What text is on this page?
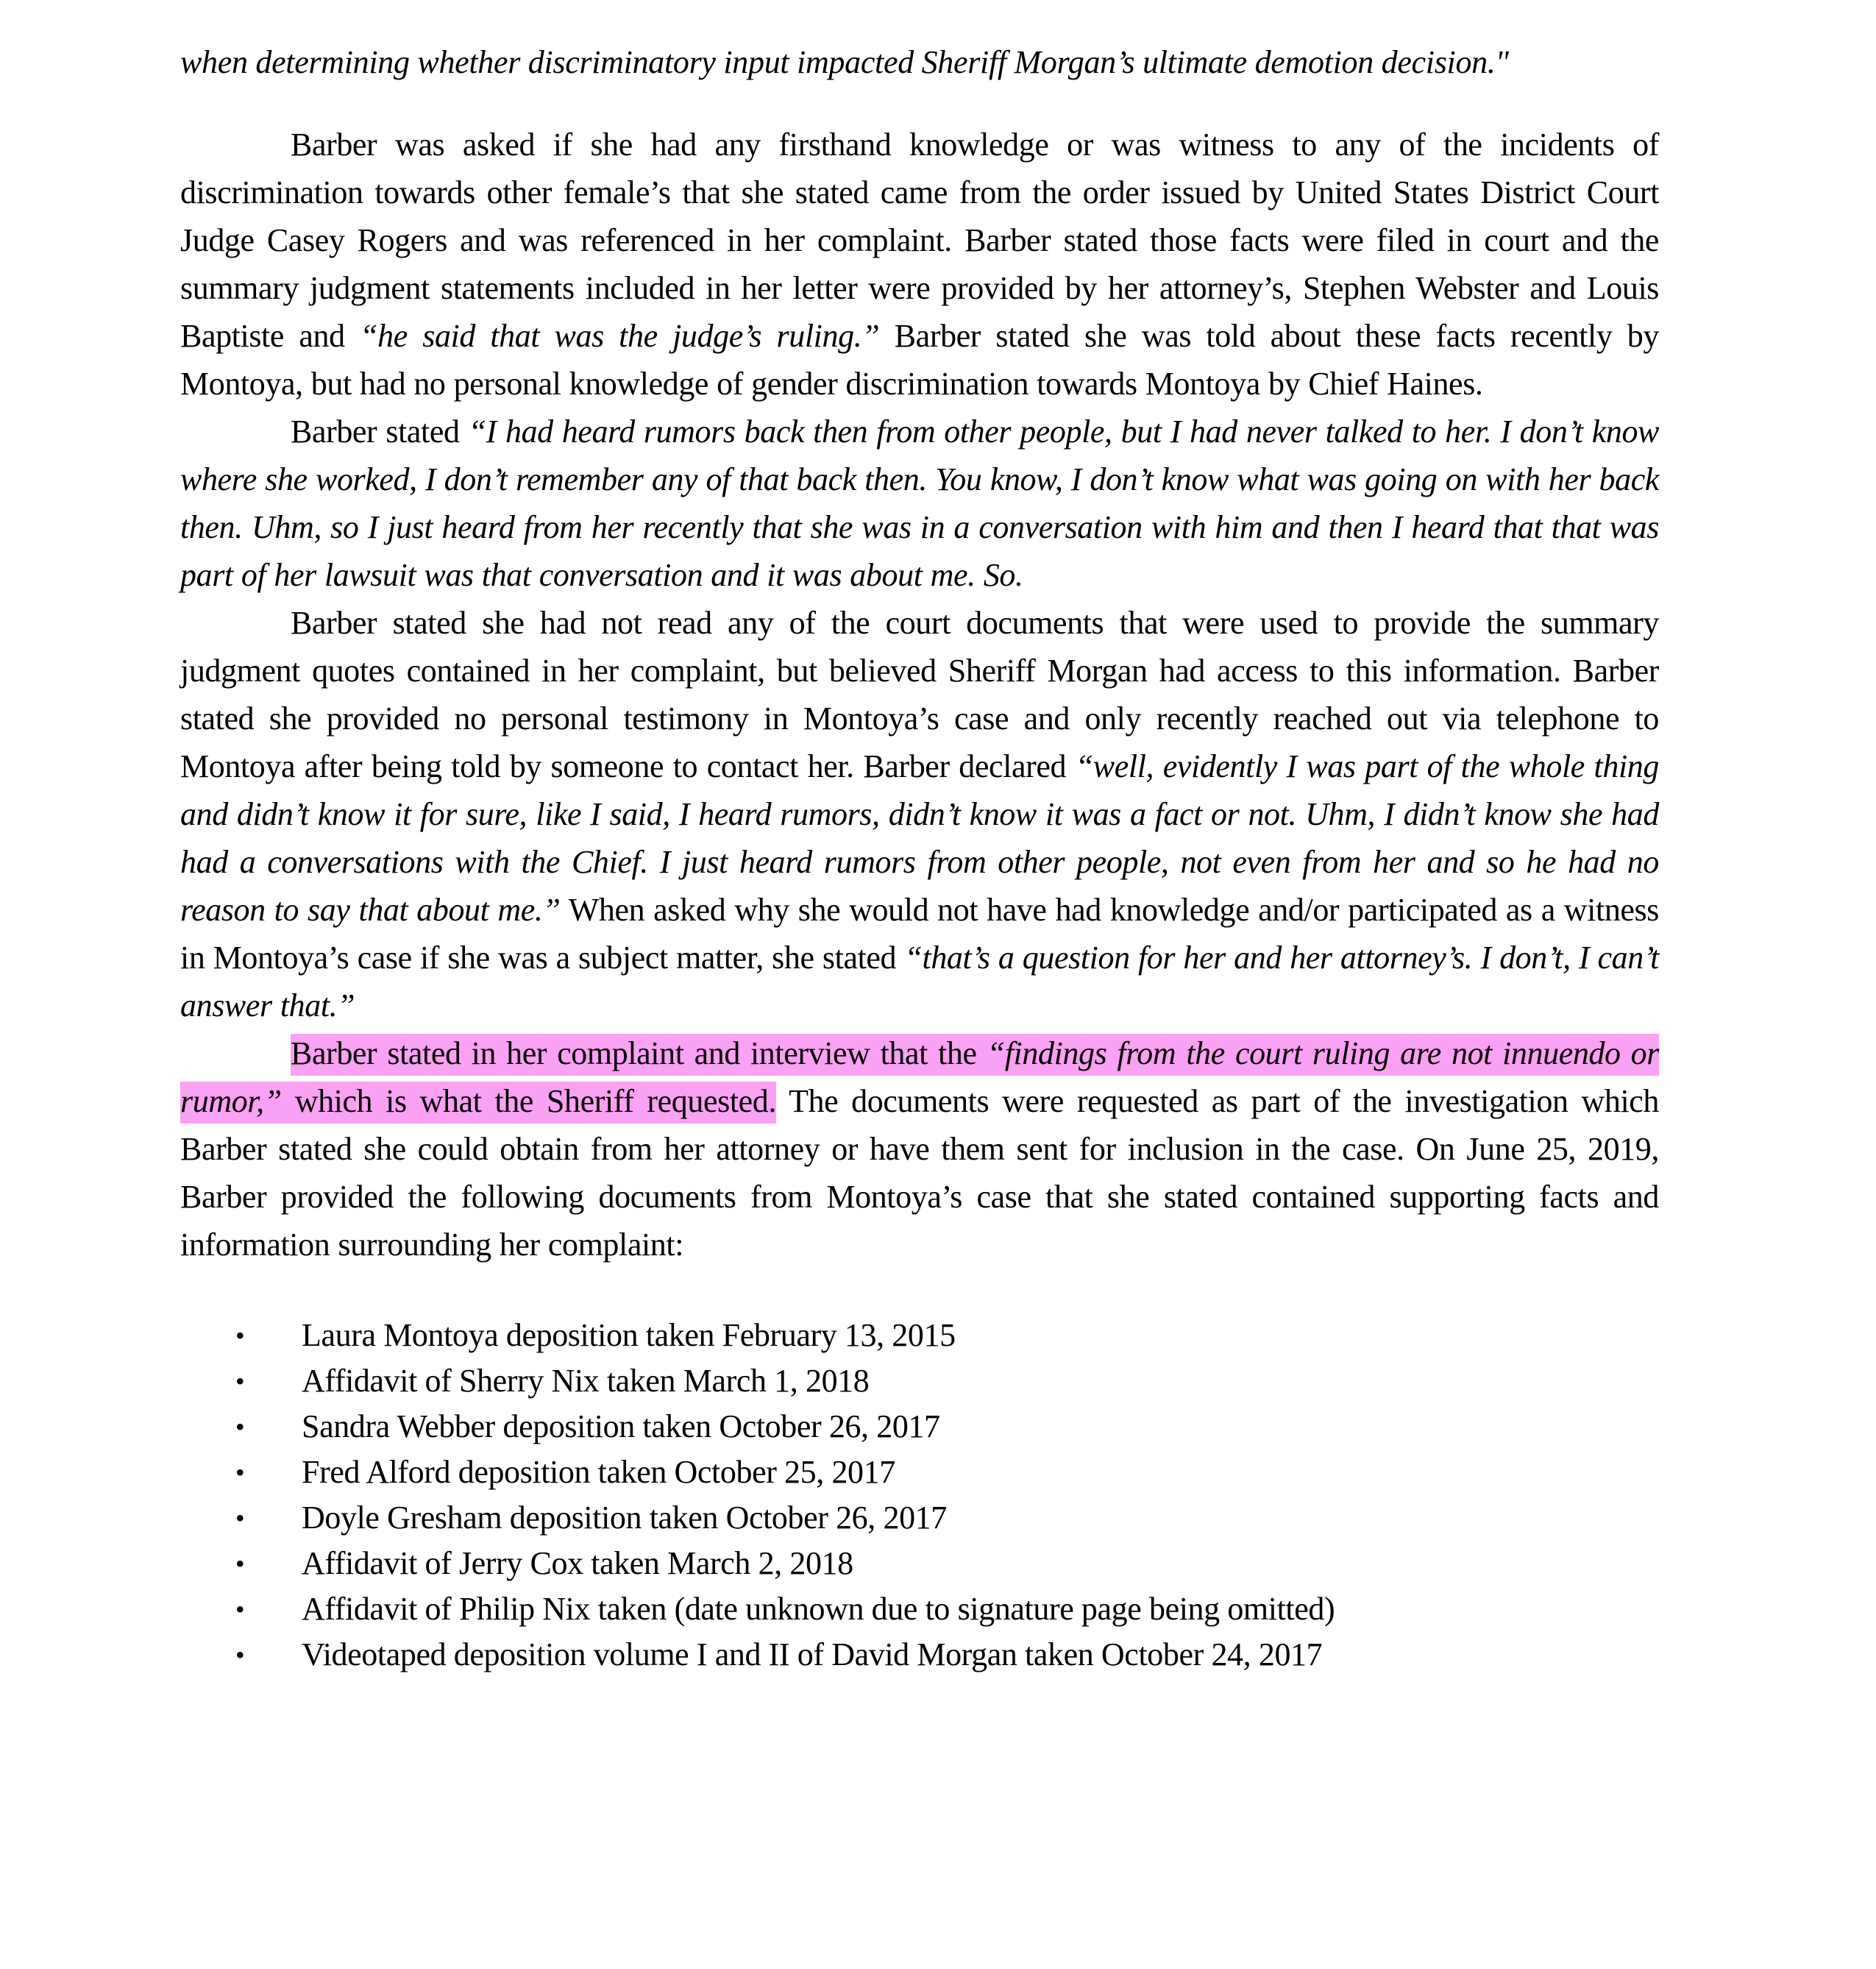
when determining whether discriminatory input impacted Sheriff Morgan’s ultimate demotion decision."

Barber was asked if she had any firsthand knowledge or was witness to any of the incidents of discrimination towards other female’s that she stated came from the order issued by United States District Court Judge Casey Rogers and was referenced in her complaint. Barber stated those facts were filed in court and the summary judgment statements included in her letter were provided by her attorney’s, Stephen Webster and Louis Baptiste and “he said that was the judge’s ruling.” Barber stated she was told about these facts recently by Montoya, but had no personal knowledge of gender discrimination towards Montoya by Chief Haines.

Barber stated “I had heard rumors back then from other people, but I had never talked to her. I don’t know where she worked, I don’t remember any of that back then. You know, I don’t know what was going on with her back then. Uhm, so I just heard from her recently that she was in a conversation with him and then I heard that that was part of her lawsuit was that conversation and it was about me. So.

Barber stated she had not read any of the court documents that were used to provide the summary judgment quotes contained in her complaint, but believed Sheriff Morgan had access to this information. Barber stated she provided no personal testimony in Montoya’s case and only recently reached out via telephone to Montoya after being told by someone to contact her. Barber declared “well, evidently I was part of the whole thing and didn’t know it for sure, like I said, I heard rumors, didn’t know it was a fact or not. Uhm, I didn’t know she had had a conversations with the Chief. I just heard rumors from other people, not even from her and so he had no reason to say that about me.” When asked why she would not have had knowledge and/or participated as a witness in Montoya’s case if she was a subject matter, she stated “that’s a question for her and her attorney’s. I don’t, I can’t answer that.”

Barber stated in her complaint and interview that the “findings from the court ruling are not innuendo or rumor,” which is what the Sheriff requested. The documents were requested as part of the investigation which Barber stated she could obtain from her attorney or have them sent for inclusion in the case. On June 25, 2019, Barber provided the following documents from Montoya’s case that she stated contained supporting facts and information surrounding her complaint:

• Laura Montoya deposition taken February 13, 2015
• Affidavit of Sherry Nix taken March 1, 2018
• Sandra Webber deposition taken October 26, 2017
• Fred Alford deposition taken October 25, 2017
• Doyle Gresham deposition taken October 26, 2017
• Affidavit of Jerry Cox taken March 2, 2018
• Affidavit of Philip Nix taken (date unknown due to signature page being omitted)
• Videotaped deposition volume I and II of David Morgan taken October 24, 2017
